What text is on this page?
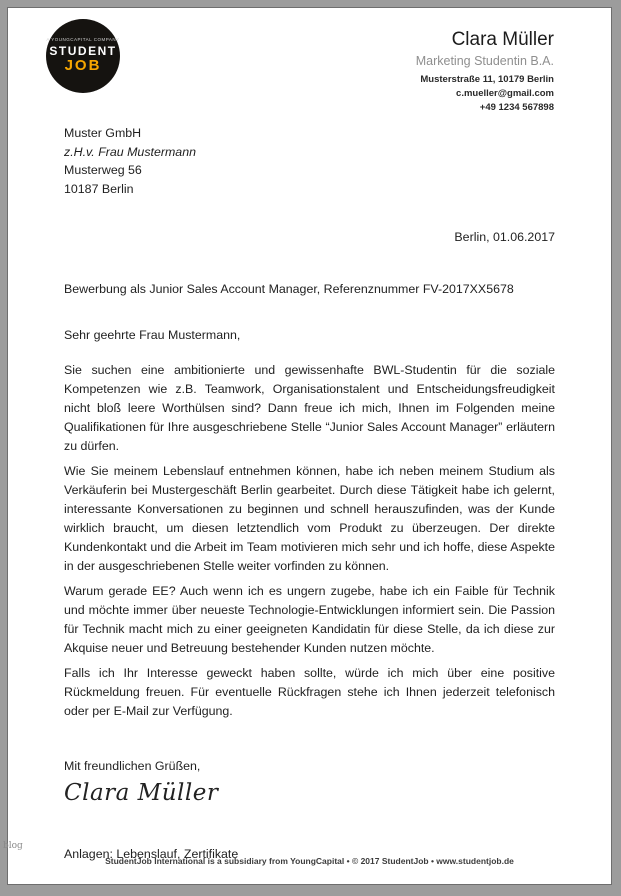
A YOUNGCAPITAL COMPANY
STUDENT
JOB
Clara Müller
Marketing Studentin B.A.
Musterstraße 11, 10179 Berlin
c.mueller@gmail.com
+49 1234 567898
Muster GmbH
z.H.v. Frau Mustermann
Musterweg 56
10187 Berlin
Berlin, 01.06.2017
Bewerbung als Junior Sales Account Manager, Referenznummer FV-2017XX5678
Sehr geehrte Frau Mustermann,

Sie suchen eine ambitionierte und gewissenhafte BWL-Studentin für die soziale Kompetenzen wie z.B. Teamwork, Organisationstalent und Entscheidungsfreudigkeit nicht bloß leere Worthülsen sind? Dann freue ich mich, Ihnen im Folgenden meine Qualifikationen für Ihre ausgeschriebene Stelle “Junior Sales Account Manager” erläutern zu dürfen.

Wie Sie meinem Lebenslauf entnehmen können, habe ich neben meinem Studium als Verkäuferin bei Mustergeschäft Berlin gearbeitet. Durch diese Tätigkeit habe ich gelernt, interessante Konversationen zu beginnen und schnell herauszufinden, was der Kunde wirklich braucht, um diesen letztendlich vom Produkt zu überzeugen. Der direkte Kundenkontakt und die Arbeit im Team motivieren mich sehr und ich hoffe, diese Aspekte in der ausgeschriebenen Stelle weiter vorfinden zu können.

Warum gerade EE? Auch wenn ich es ungern zugebe, habe ich ein Faible für Technik und möchte immer über neueste Technologie-Entwicklungen informiert sein. Die Passion für Technik macht mich zu einer geeigneten Kandidatin für diese Stelle, da ich diese zur Akquise neuer und Betreuung bestehender Kunden nutzen möchte.

Falls ich Ihr Interesse geweckt haben sollte, würde ich mich über eine positive Rückmeldung freuen. Für eventuelle Rückfragen stehe ich Ihnen jederzeit telefonisch oder per E-Mail zur Verfügung.

Mit freundlichen Grüßen,
Clara Müller
Anlagen: Lebenslauf, Zertifikate
StudentJob International is a subsidiary from YoungCapital • © 2017 StudentJob • www.studentjob.de
blog
